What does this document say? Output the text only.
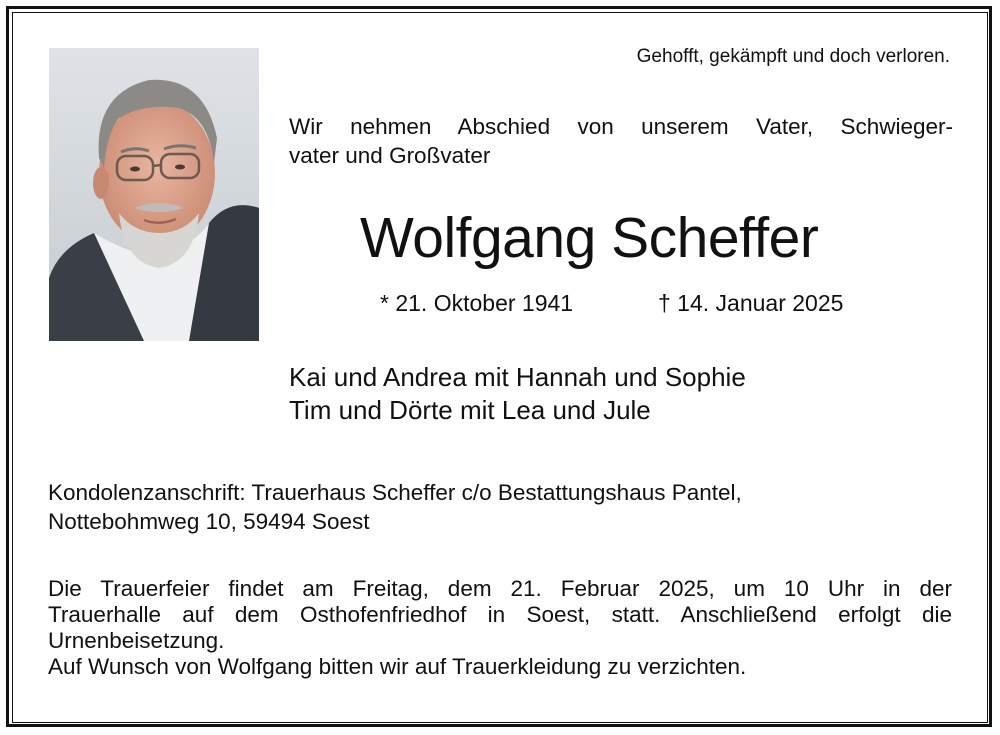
Gehofft, gekämpft und doch verloren.
Wir nehmen Abschied von unserem Vater, Schwieger-
vater und Großvater
Wolfgang Scheffer
* 21. Oktober 1941	† 14. Januar 2025
Kai und Andrea mit Hannah und Sophie
Tim und Dörte mit Lea und Jule
Kondolenzanschrift: Trauerhaus Scheffer c/o Bestattungshaus Pantel,
Nottebohmweg 10, 59494 Soest
Die Trauerfeier findet am Freitag, dem 21. Februar 2025, um 10 Uhr in der
Trauerhalle auf dem Osthofenfriedhof in Soest, statt. Anschließend erfolgt die
Urnenbeisetzung.
Auf Wunsch von Wolfgang bitten wir auf Trauerkleidung zu verzichten.
